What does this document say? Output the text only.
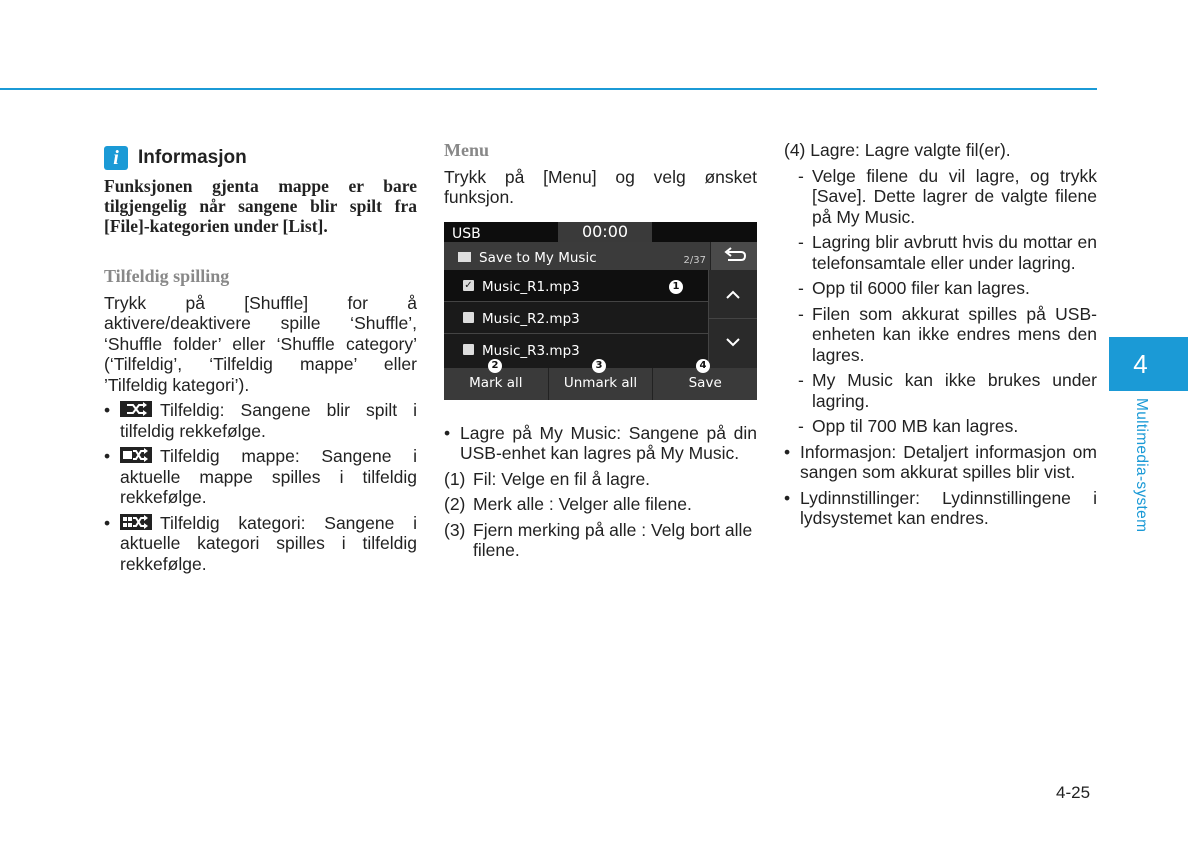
i	Informasjon

Funksjonen gjenta mappe er bare tilgjengelig når sangene blir spilt fra [File]-kategorien under [List].

Tilfeldig spilling

Trykk på [Shuffle] for å aktivere/deaktivere spille ‘Shuffle’, ‘Shuffle folder’ eller ‘Shuffle category’ (‘Tilfeldig’, ‘Tilfeldig mappe’ eller ’Tilfeldig kategori’).

•	Tilfeldig: Sangene blir spilt i tilfeldig rekkefølge.
•	Tilfeldig mappe: Sangene i aktuelle mappe spilles i tilfeldig rekkefølge.
•	Tilfeldig kategori: Sangene i aktuelle kategori spilles i tilfeldig rekkefølge.
Menu

Trykk på [Menu] og velg ønsket funksjon.

USB	00:00
Save to My Music	2/37
✓ Music_R1.mp3
Music_R2.mp3
Music_R3.mp3
Mark all	Unmark all	Save
1
2	3	4
• Lagre på My Music: Sangene på din USB-enhet kan lagres på My Music.
(1) Fil: Velge en fil å lagre.
(2) Merk alle : Velger alle filene.
(3) Fjern merking på alle : Velg bort alle filene.

(4) Lagre: Lagre valgte fil(er).

- Velge filene du vil lagre, og trykk [Save]. Dette lagrer de valgte filene på My Music.
- Lagring blir avbrutt hvis du mottar en telefonsamtale eller under lagring.
- Opp til 6000 filer kan lagres.
- Filen som akkurat spilles på USB-enheten kan ikke endres mens den lagres.
- My Music kan ikke brukes under lagring.
- Opp til 700 MB kan lagres.
• Informasjon: Detaljert informasjon om sangen som akkurat spilles blir vist.
• Lydinnstillinger: Lydinnstillingene i lydsystemet kan endres.
4
Multimedia-system
4-25
